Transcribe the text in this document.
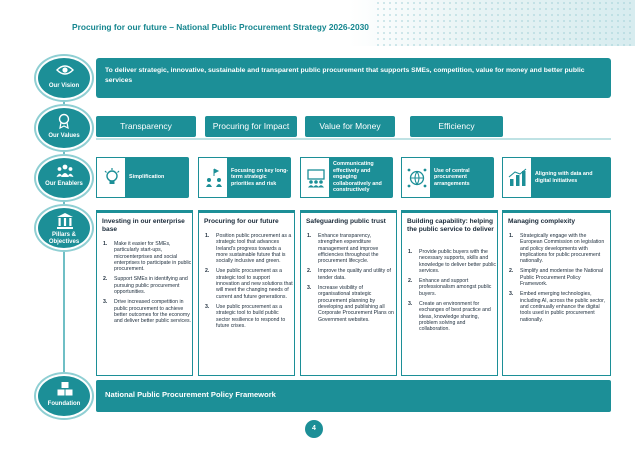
Procuring for our future – National Public Procurement Strategy 2026-2030
Our Vision
To deliver strategic, innovative, sustainable and transparent public procurement that supports SMEs, competition, value for money and better public services
Our Values
Transparency	Procuring for Impact	Value for Money	Efficiency
Our Enablers
Simplification
Focusing on key long-term strategic priorities and risk
Communicating effectively and engaging collaboratively and constructively
Use of central procurement arrangements
Aligning with data and digital initiatives
Pillars & Objectives
Investing in our enterprise base
1. Make it easier for SMEs, particularly start-ups, microenterprises and social enterprises to participate in public procurement.
2. Support SMEs in identifying and pursuing public procurement opportunities.
3. Drive increased competition in public procurement to achieve better outcomes for the economy and deliver better public services.
Procuring for our future
1. Position public procurement as a strategic tool that advances Ireland's progress towards a more sustainable future that is socially inclusive and green.
2. Use public procurement as a strategic tool to support innovation and new solutions that will meet the changing needs of current and future generations.
3. Use public procurement as a strategic tool to build public sector resilience to respond to future crises.
Safeguarding public trust
1. Enhance transparency, strengthen expenditure management and improve efficiencies throughout the procurement lifecycle.
2. Improve the quality and utility of tender data.
3. Increase visibility of organisational strategic procurement planning by developing and publishing all Corporate Procurement Plans on Government websites.
Building capability: helping the public service to deliver
1. Provide public buyers with the necessary supports, skills and knowledge to deliver better public services.
2. Enhance and support professionalism amongst public buyers.
3. Create an environment for exchanges of best practice and ideas, knowledge sharing, problem solving and collaboration.
Managing complexity
1. Strategically engage with the European Commission on legislation and policy developments with implications for public procurement nationally.
2. Simplify and modernise the National Public Procurement Policy Framework.
3. Embed emerging technologies, including AI, across the public sector, and continually enhance the digital tools used in public procurement nationally.
Foundation
National Public Procurement Policy Framework
4
